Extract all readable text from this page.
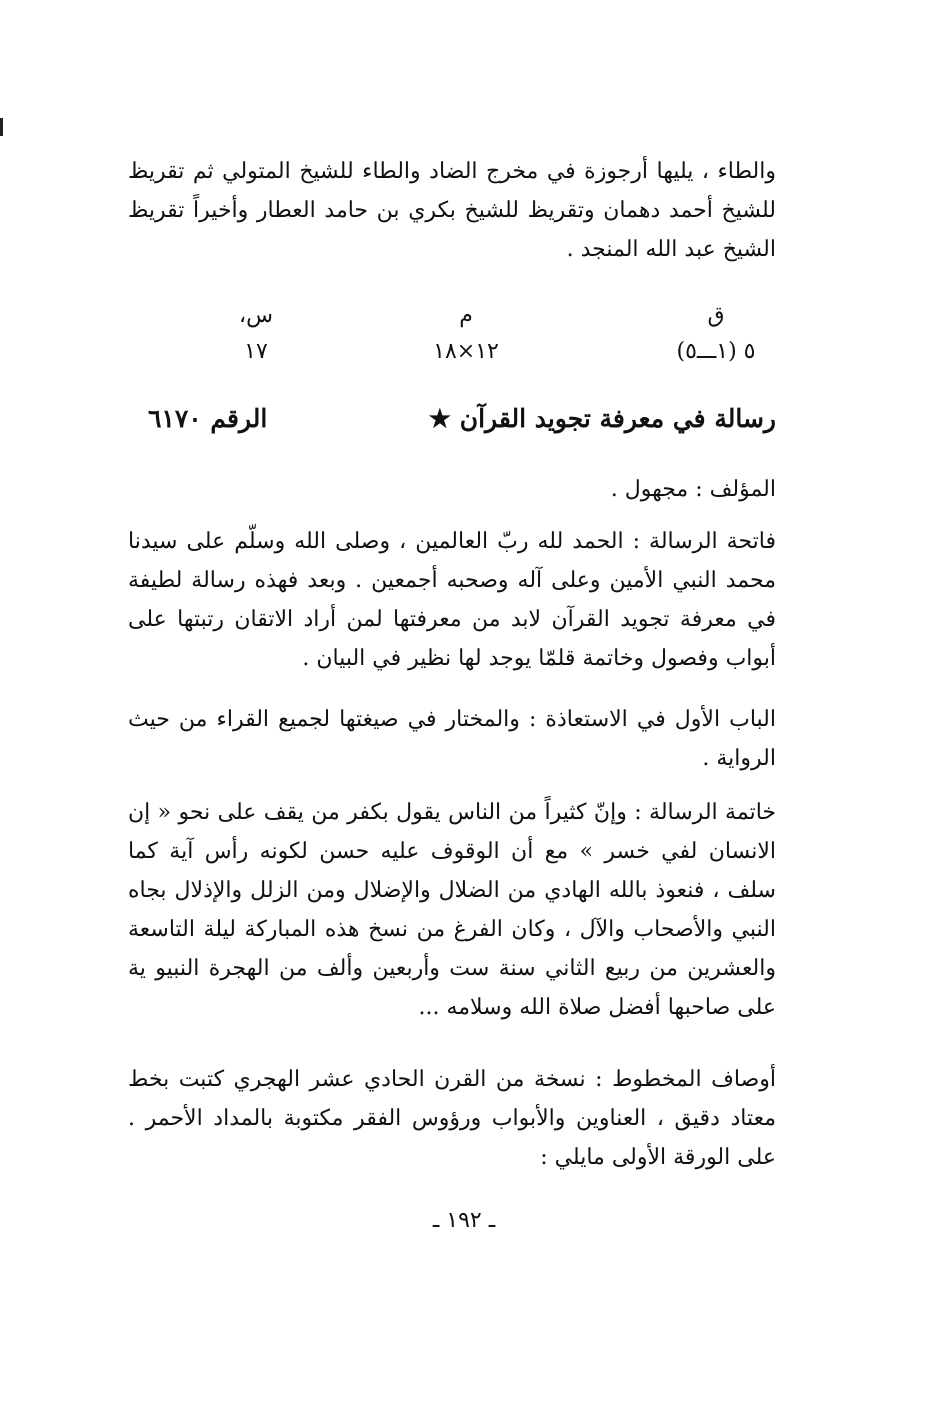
والطاء ، يليها أرجوزة في مخرج الضاد والطاء للشيخ المتولي ثم تقريظ للشيخ أحمد دهمان وتقريظ للشيخ بكري بن حامد العطار وأخيراً تقريظ الشيخ عبد الله المنجد .

ق
٥ (١ـــ٥)
م
١٢×١٨
س،
١٧
رسالة في معرفة تجويد القرآن ★
الرقم ٦١٧٠

المؤلف : مجهول .

فاتحة الرسالة : الحمد لله ربّ العالمين ، وصلى الله وسلّم على سيدنا محمد النبي الأمين وعلى آله وصحبه أجمعين . وبعد فهذه رسالة لطيفة في معرفة تجويد القرآن لابد من معرفتها لمن أراد الاتقان رتبتها على أبواب وفصول وخاتمة قلمّا يوجد لها نظير في البيان .

الباب الأول في الاستعاذة : والمختار في صيغتها لجميع القراء من حيث الرواية .

خاتمة الرسالة : وإنّ كثيراً من الناس يقول بكفر من يقف على نحو « إن الانسان لفي خسر » مع أن الوقوف عليه حسن لكونه رأس آية كما سلف ، فنعوذ بالله الهادي من الضلال والإضلال ومن الزلل والإذلال بجاه النبي والأصحاب والآل ، وكان الفرغ من نسخ هذه المباركة ليلة التاسعة والعشرين من ربيع الثاني سنة ست وأربعين وألف من الهجرة النبيو ية على صاحبها أفضل صلاة الله وسلامه ...

أوصاف المخطوط : نسخة من القرن الحادي عشر الهجري كتبت بخط معتاد دقيق ، العناوين والأبواب ورؤوس الفقر مكتوبة بالمداد الأحمر . على الورقة الأولى مايلي :

ـ ١٩٢ ـ
